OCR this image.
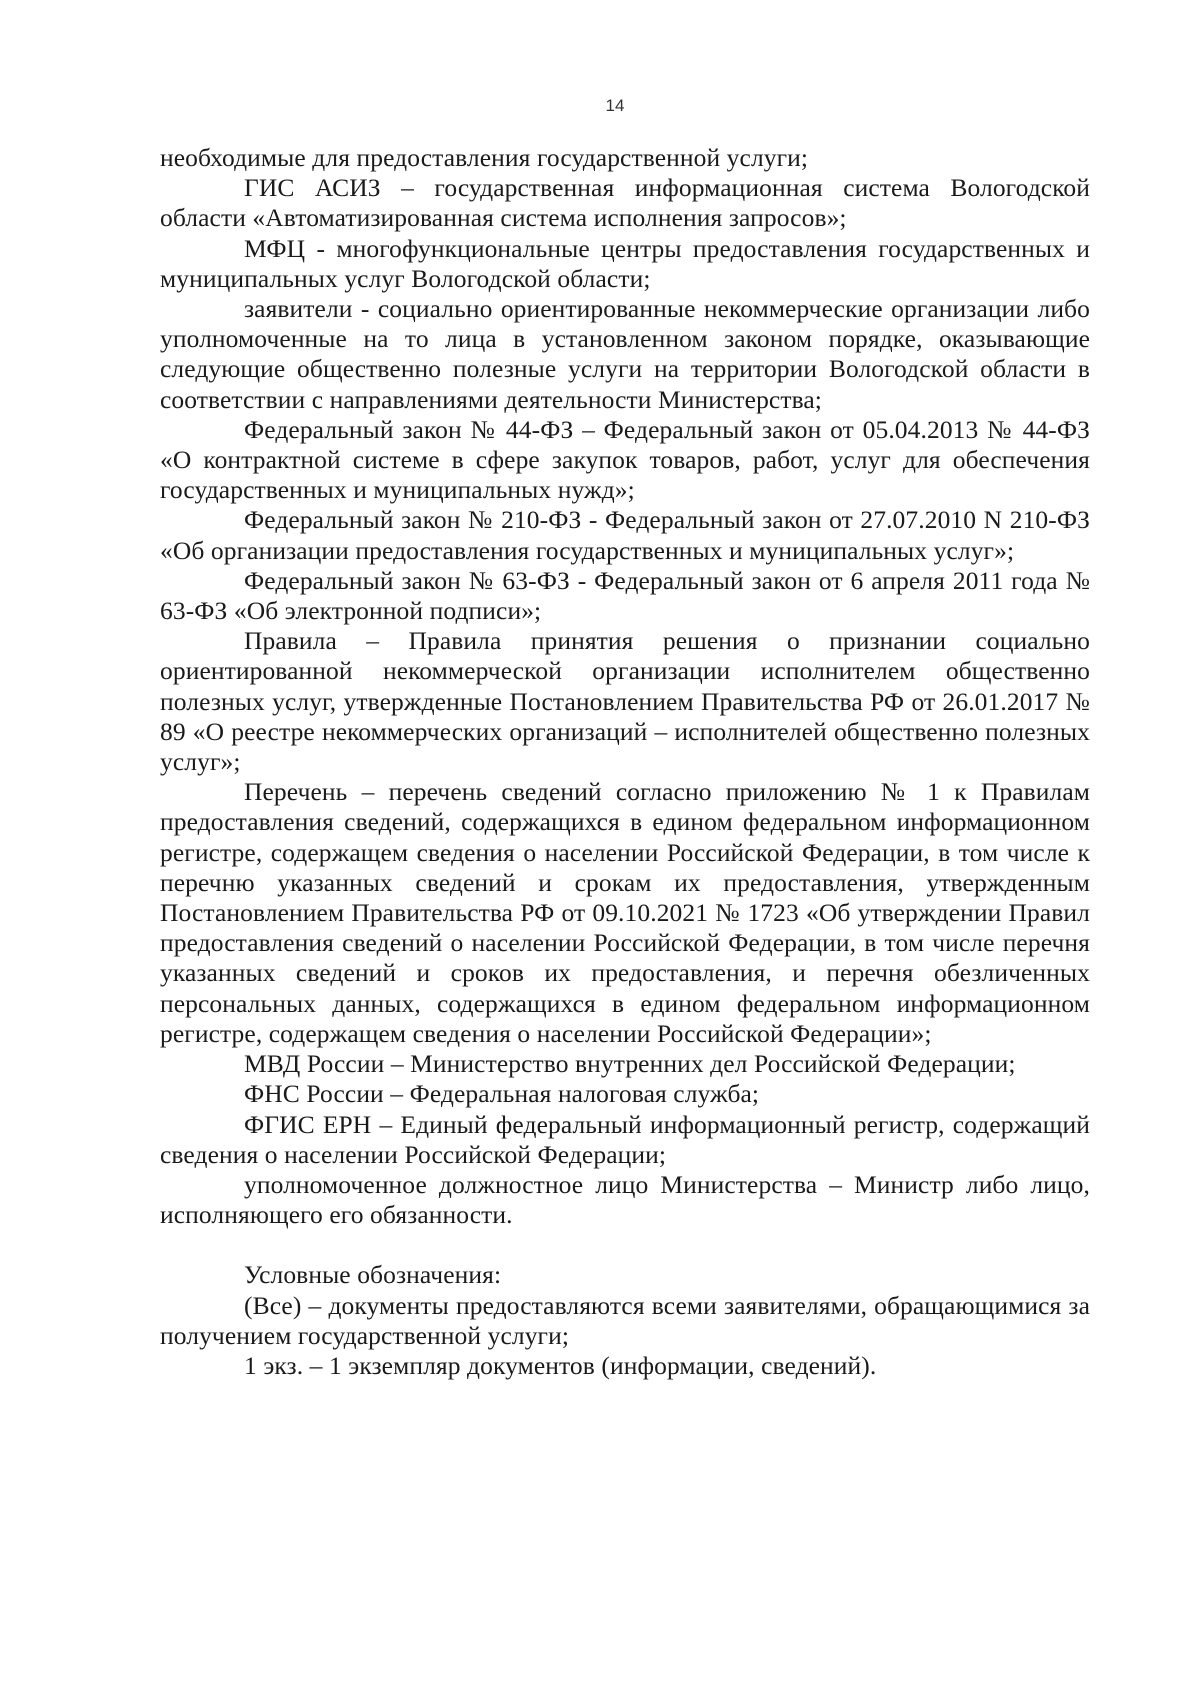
14

необходимые для предоставления государственной услуги;

ГИС АСИЗ – государственная информационная система Вологодской области «Автоматизированная система исполнения запросов»;

МФЦ - многофункциональные центры предоставления государственных и муниципальных услуг Вологодской области;

заявители - социально ориентированные некоммерческие организации либо уполномоченные на то лица в установленном законом порядке, оказывающие следующие общественно полезные услуги на территории Вологодской области в соответствии с направлениями деятельности Министерства;

Федеральный закон № 44-ФЗ – Федеральный закон от 05.04.2013 № 44-ФЗ «О контрактной системе в сфере закупок товаров, работ, услуг для обеспечения государственных и муниципальных нужд»;

Федеральный закон № 210-ФЗ - Федеральный закон от 27.07.2010 N 210-ФЗ «Об организации предоставления государственных и муниципальных услуг»;

Федеральный закон № 63-ФЗ - Федеральный закон от 6 апреля 2011 года № 63-ФЗ «Об электронной подписи»;

Правила – Правила принятия решения о признании социально ориентированной некоммерческой организации исполнителем общественно полезных услуг, утвержденные Постановлением Правительства РФ от 26.01.2017 № 89 «О реестре некоммерческих организаций – исполнителей общественно полезных услуг»;

Перечень – перечень сведений согласно приложению № 1 к Правилам предоставления сведений, содержащихся в едином федеральном информационном регистре, содержащем сведения о населении Российской Федерации, в том числе к перечню указанных сведений и срокам их предоставления, утвержденным Постановлением Правительства РФ от 09.10.2021 № 1723 «Об утверждении Правил предоставления сведений о населении Российской Федерации, в том числе перечня указанных сведений и сроков их предоставления, и перечня обезличенных персональных данных, содержащихся в едином федеральном информационном регистре, содержащем сведения о населении Российской Федерации»;

МВД России – Министерство внутренних дел Российской Федерации;

ФНС России – Федеральная налоговая служба;

ФГИС ЕРН – Единый федеральный информационный регистр, содержащий сведения о населении Российской Федерации;

уполномоченное должностное лицо Министерства – Министр либо лицо, исполняющего его обязанности.

Условные обозначения:

(Все) – документы предоставляются всеми заявителями, обращающимися за получением государственной услуги;

1 экз. – 1 экземпляр документов (информации, сведений).
